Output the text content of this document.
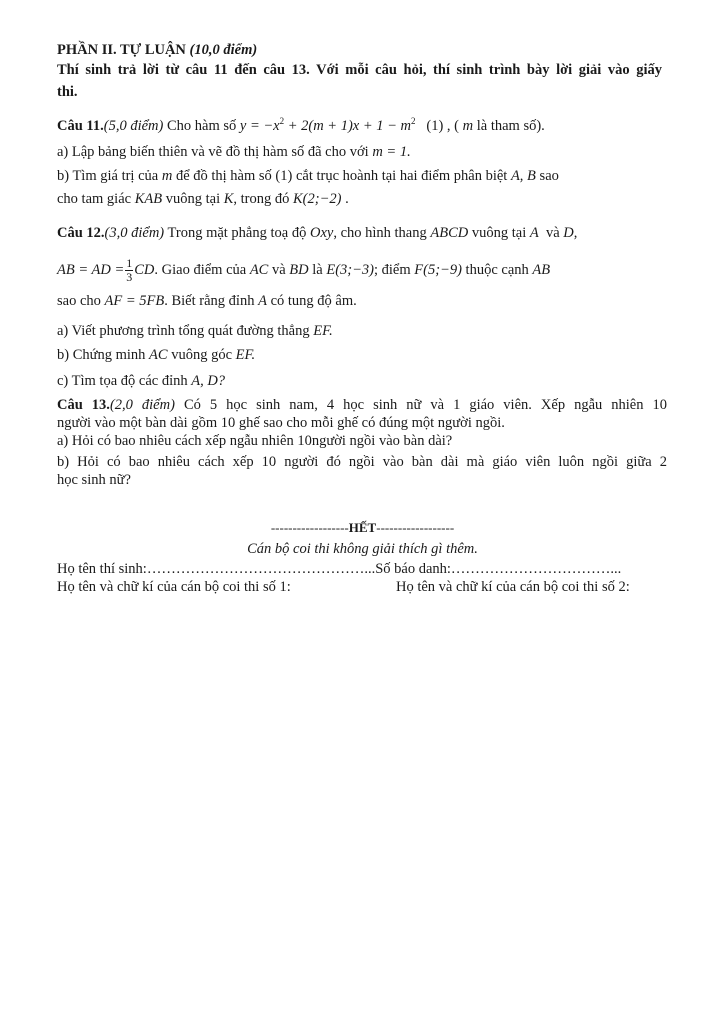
PHẦN II. TỰ LUẬN (10,0 điểm)
Thí sinh trả lời từ câu 11 đến câu 13. Với mỗi câu hỏi, thí sinh trình bày lời giải vào giấy
thi.
Câu 11.(5,0 điểm) Cho hàm số $y = -x^2 + 2(m + 1)x + 1 - m^2$ (1) , ( m là tham số).
a) Lập bảng biến thiên và vẽ đồ thị hàm số đã cho với m = 1.
b) Tìm giá trị của m để đồ thị hàm số (1) cắt trục hoành tại hai điểm phân biệt A, B sao
cho tam giác KAB vuông tại K, trong đó K(2;−2) .
Câu 12.(3,0 điểm) Trong mặt phẳng toạ độ Oxy, cho hình thang ABCD vuông tại A và D,
AB = AD = $\frac{1}{3}$ CD. Giao điểm của AC và BD là E(3;−3); điểm F(5;−9) thuộc cạnh AB
sao cho AF = 5FB. Biết rằng đỉnh A có tung độ âm.
a) Viết phương trình tổng quát đường thẳng EF.
b) Chứng minh AC vuông góc EF.
c) Tìm tọa độ các đỉnh A, D?
Câu 13.(2,0 điểm) Có 5 học sinh nam, 4 học sinh nữ và 1 giáo viên. Xếp ngẫu nhiên 10
người vào một bàn dài gồm 10 ghế sao cho mỗi ghế có đúng một người ngồi.
a) Hỏi có bao nhiêu cách xếp ngẫu nhiên 10người ngồi vào bàn dài?
b) Hỏi có bao nhiêu cách xếp 10 người đó ngồi vào bàn dài mà giáo viên luôn ngồi giữa 2
học sinh nữ?
------------------HẾT------------------
Cán bộ coi thi không giải thích gì thêm.
Họ tên thí sinh:………………………………………...Số báo danh:……………………………...
Họ tên và chữ kí của cán bộ coi thi số 1:	Họ tên và chữ kí của cán bộ coi thi số 2:
